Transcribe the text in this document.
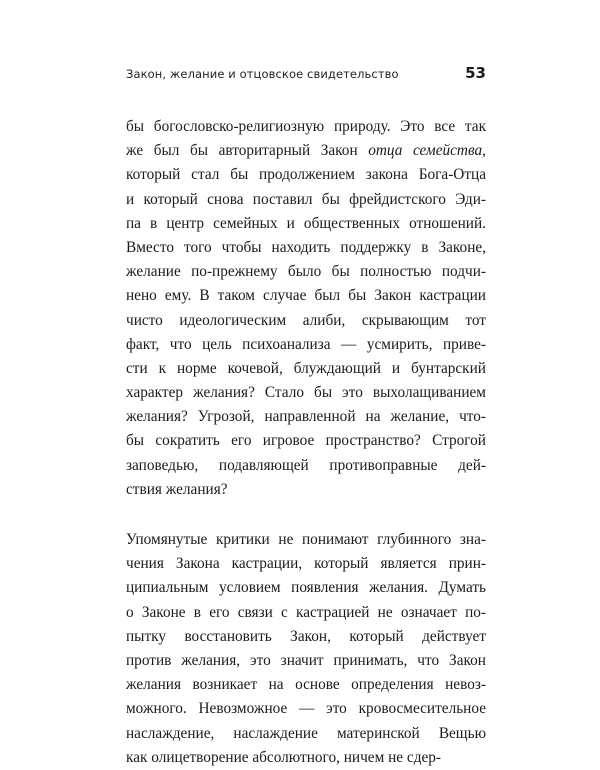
Закон, желание и отцовское свидетельство	53
бы богословско-религиозную природу. Это все так
же был бы авторитарный Закон отца семейства,
который стал бы продолжением закона Бога-Отца
и который снова поставил бы фрейдистского Эди-
па в центр семейных и общественных отношений.
Вместо того чтобы находить поддержку в Законе,
желание по-прежнему было бы полностью подчи-
нено ему. В таком случае был бы Закон кастрации
чисто идеологическим алиби, скрывающим тот
факт, что цель психоанализа — усмирить, приве-
сти к норме кочевой, блуждающий и бунтарский
характер желания? Стало бы это выхолащиванием
желания? Угрозой, направленной на желание, что-
бы сократить его игровое пространство? Строгой
заповедью, подавляющей противоправные дей-
ствия желания?
Упомянутые критики не понимают глубинного зна-
чения Закона кастрации, который является прин-
ципиальным условием появления желания. Думать
о Законе в его связи с кастрацией не означает по-
пытку восстановить Закон, который действует
против желания, это значит принимать, что Закон
желания возникает на основе определения невоз-
можного. Невозможное — это кровосмесительное
наслаждение, наслаждение материнской Вещью
как олицетворение абсолютного, ничем не сдер-
